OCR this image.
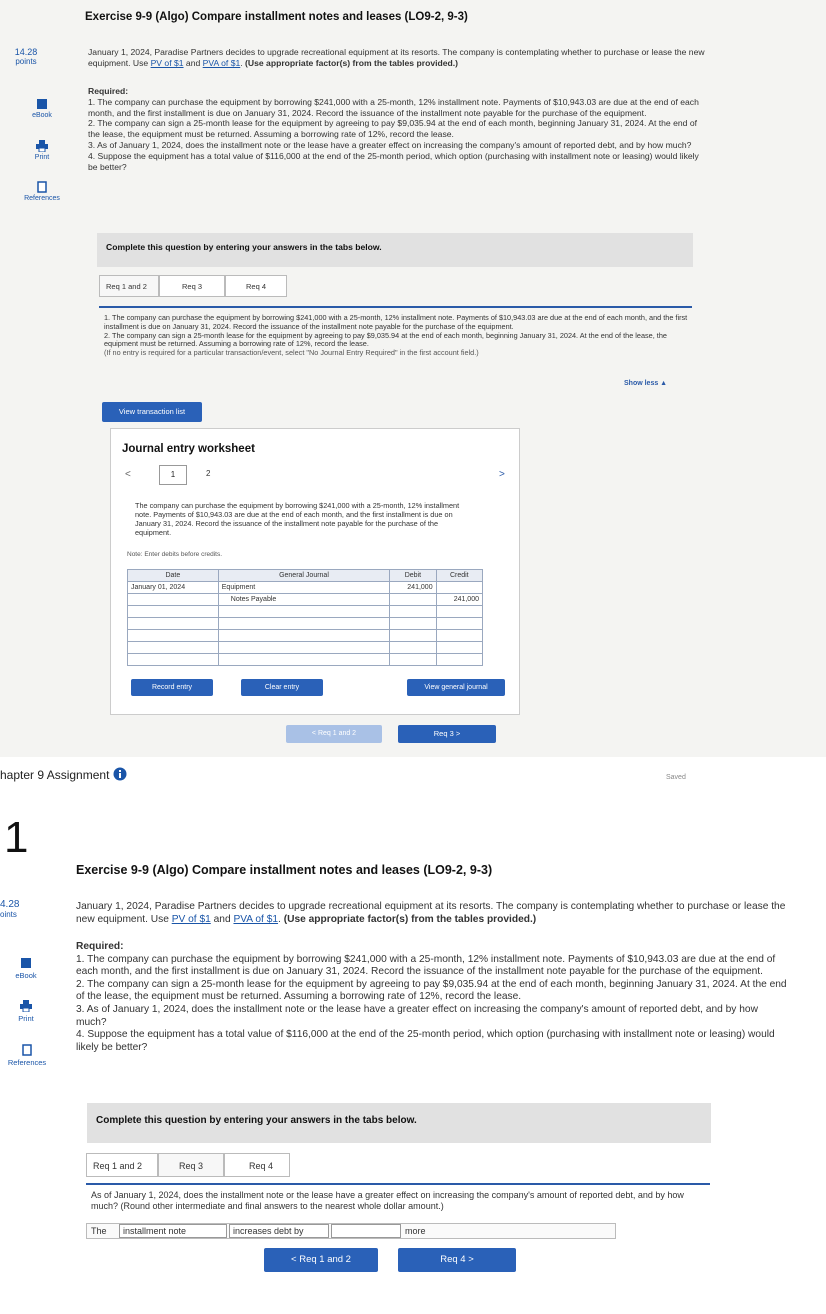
Exercise 9-9 (Algo) Compare installment notes and leases (LO9-2, 9-3)
14.28
points
eBook
Print
References
January 1, 2024, Paradise Partners decides to upgrade recreational equipment at its resorts. The company is contemplating whether to purchase or lease the new equipment. Use PV of $1 and PVA of $1. (Use appropriate factor(s) from the tables provided.)
Required:
1. The company can purchase the equipment by borrowing $241,000 with a 25-month, 12% installment note. Payments of $10,943.03 are due at the end of each month, and the first installment is due on January 31, 2024. Record the issuance of the installment note payable for the purchase of the equipment.
2. The company can sign a 25-month lease for the equipment by agreeing to pay $9,035.94 at the end of each month, beginning January 31, 2024. At the end of the lease, the equipment must be returned. Assuming a borrowing rate of 12%, record the lease.
3. As of January 1, 2024, does the installment note or the lease have a greater effect on increasing the company's amount of reported debt, and by how much?
4. Suppose the equipment has a total value of $116,000 at the end of the 25-month period, which option (purchasing with installment note or leasing) would likely be better?
Complete this question by entering your answers in the tabs below.
Req 1 and 2	Req 3	Req 4
1. The company can purchase the equipment by borrowing $241,000 with a 25-month, 12% installment note. Payments of $10,943.03 are due at the end of each month, and the first installment is due on January 31, 2024. Record the issuance of the installment note payable for the purchase of the equipment.
2. The company can sign a 25-month lease for the equipment by agreeing to pay $9,035.94 at the end of each month, beginning January 31, 2024. At the end of the lease, the equipment must be returned. Assuming a borrowing rate of 12%, record the lease.
(If no entry is required for a particular transaction/event, select "No Journal Entry Required" in the first account field.)
Show less ▲
View transaction list
Journal entry worksheet
<	1	2	>
The company can purchase the equipment by borrowing $241,000 with a 25-month, 12% installment note. Payments of $10,943.03 are due at the end of each month, and the first installment is due on January 31, 2024. Record the issuance of the installment note payable for the purchase of the equipment.
Note: Enter debits before credits.
Date	General Journal	Debit	Credit
January 01, 2024	Equipment	241,000	
	Notes Payable		241,000

Record entry	Clear entry	View general journal
< Req 1 and 2	Req 3 >
hapter 9 Assignment	Saved
1
4.28
oints
eBook
Print
References
Exercise 9-9 (Algo) Compare installment notes and leases (LO9-2, 9-3)
January 1, 2024, Paradise Partners decides to upgrade recreational equipment at its resorts. The company is contemplating whether to purchase or lease the new equipment. Use PV of $1 and PVA of $1. (Use appropriate factor(s) from the tables provided.)
Required:
1. The company can purchase the equipment by borrowing $241,000 with a 25-month, 12% installment note. Payments of $10,943.03 are due at the end of each month, and the first installment is due on January 31, 2024. Record the issuance of the installment note payable for the purchase of the equipment.
2. The company can sign a 25-month lease for the equipment by agreeing to pay $9,035.94 at the end of each month, beginning January 31, 2024. At the end of the lease, the equipment must be returned. Assuming a borrowing rate of 12%, record the lease.
3. As of January 1, 2024, does the installment note or the lease have a greater effect on increasing the company's amount of reported debt, and by how much?
4. Suppose the equipment has a total value of $116,000 at the end of the 25-month period, which option (purchasing with installment note or leasing) would likely be better?
Complete this question by entering your answers in the tabs below.
Req 1 and 2	Req 3	Req 4
As of January 1, 2024, does the installment note or the lease have a greater effect on increasing the company's amount of reported debt, and by how much? (Round other intermediate and final answers to the nearest whole dollar amount.)
The	installment note	increases debt by	more
< Req 1 and 2	Req 4 >
